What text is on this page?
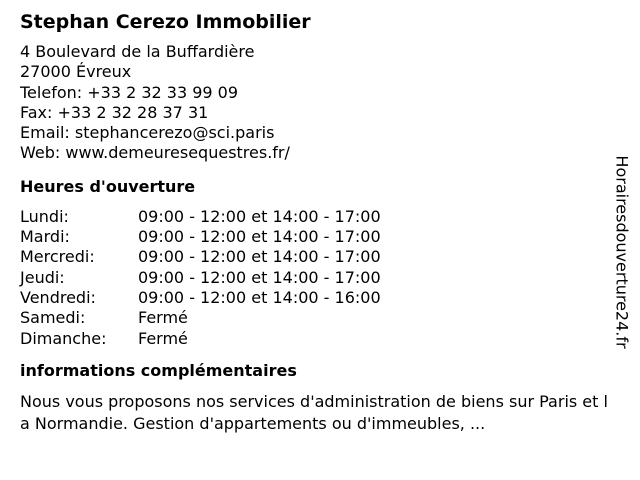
Stephan Cerezo Immobilier
4 Boulevard de la Buffardière
27000 Évreux
Telefon: +33 2 32 33 99 09
Fax: +33 2 32 28 37 31
Email: stephancerezo@sci.paris
Web: www.demeuresequestres.fr/
Heures d'ouverture
Lundi:	09:00 - 12:00 et 14:00 - 17:00
Mardi:	09:00 - 12:00 et 14:00 - 17:00
Mercredi:	09:00 - 12:00 et 14:00 - 17:00
Jeudi:	09:00 - 12:00 et 14:00 - 17:00
Vendredi:	09:00 - 12:00 et 14:00 - 16:00
Samedi:	Fermé
Dimanche:	Fermé
informations complémentaires
Nous vous proposons nos services d'administration de biens sur Paris et la Normandie. Gestion d'appartements ou d'immeubles, ...
Horairesdouverture24.fr
